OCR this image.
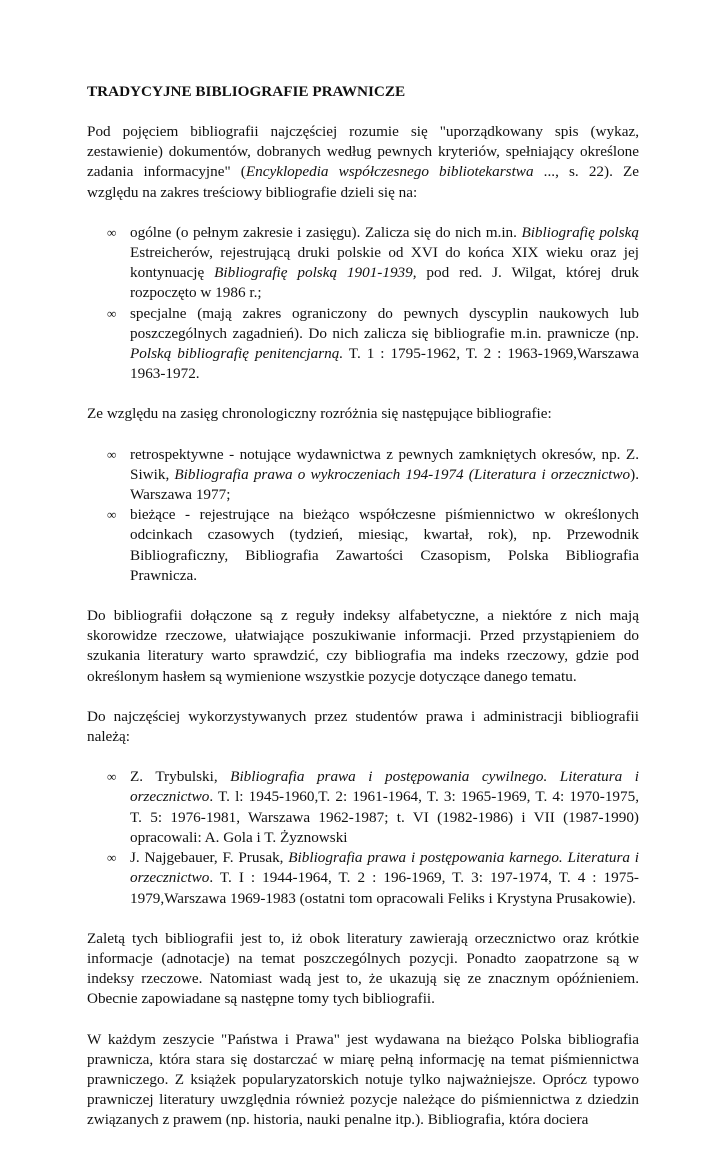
TRADYCYJNE BIBLIOGRAFIE PRAWNICZE

Pod pojęciem bibliografii najczęściej rozumie się "uporządkowany spis (wykaz, zestawienie) dokumentów, dobranych według pewnych kryteriów, spełniający określone zadania informacyjne" (Encyklopedia współczesnego bibliotekarstwa ..., s. 22). Ze względu na zakres treściowy bibliografie dzieli się na:

∞ ogólne (o pełnym zakresie i zasięgu). Zalicza się do nich m.in. Bibliografię polską Estreicherów, rejestrującą druki polskie od XVI do końca XIX wieku oraz jej kontynuację Bibliografię polską 1901-1939, pod red. J. Wilgat, której druk rozpoczęto w 1986 r.;
∞ specjalne (mają zakres ograniczony do pewnych dyscyplin naukowych lub poszczególnych zagadnień). Do nich zalicza się bibliografie m.in. prawnicze (np. Polską bibliografię penitencjarną. T. 1 : 1795-1962, T. 2 : 1963-1969,Warszawa 1963-1972.

Ze względu na zasięg chronologiczny rozróżnia się następujące bibliografie:

∞ retrospektywne - notujące wydawnictwa z pewnych zamkniętych okresów, np. Z. Siwik, Bibliografia prawa o wykroczeniach 194-1974 (Literatura i orzecznictwo). Warszawa 1977;
∞ bieżące - rejestrujące na bieżąco współczesne piśmiennictwo w określonych odcinkach czasowych (tydzień, miesiąc, kwartał, rok), np. Przewodnik Bibliograficzny, Bibliografia Zawartości Czasopism, Polska Bibliografia Prawnicza.

Do bibliografii dołączone są z reguły indeksy alfabetyczne, a niektóre z nich mają skorowidze rzeczowe, ułatwiające poszukiwanie informacji. Przed przystąpieniem do szukania literatury warto sprawdzić, czy bibliografia ma indeks rzeczowy, gdzie pod określonym hasłem są wymienione wszystkie pozycje dotyczące danego tematu.

Do najczęściej wykorzystywanych przez studentów prawa i administracji bibliografii należą:

∞ Z. Trybulski, Bibliografia prawa i postępowania cywilnego. Literatura i orzecznictwo. T. l: 1945-1960,T. 2: 1961-1964, T. 3: 1965-1969, T. 4: 1970-1975, T. 5: 1976-1981, Warszawa 1962-1987; t. VI (1982-1986) i VII (1987-1990) opracowali: A. Gola i T. Żyznowski
∞ J. Najgebauer, F. Prusak, Bibliografia prawa i postępowania karnego. Literatura i orzecznictwo. T. I : 1944-1964, T. 2 : 196-1969, T. 3: 197-1974, T. 4 : 1975-1979,Warszawa 1969-1983 (ostatni tom opracowali Feliks i Krystyna Prusakowie).

Zaletą tych bibliografii jest to, iż obok literatury zawierają orzecznictwo oraz krótkie informacje (adnotacje) na temat poszczególnych pozycji. Ponadto zaopatrzone są w indeksy rzeczowe. Natomiast wadą jest to, że ukazują się ze znacznym opóźnieniem. Obecnie zapowiadane są następne tomy tych bibliografii.

W każdym zeszycie "Państwa i Prawa" jest wydawana na bieżąco Polska bibliografia prawnicza, która stara się dostarczać w miarę pełną informację na temat piśmiennictwa prawniczego. Z książek popularyzatorskich notuje tylko najważniejsze. Oprócz typowo prawniczej literatury uwzględnia również pozycje należące do piśmiennictwa z dziedzin związanych z prawem (np. historia, nauki penalne itp.). Bibliografia, która dociera
